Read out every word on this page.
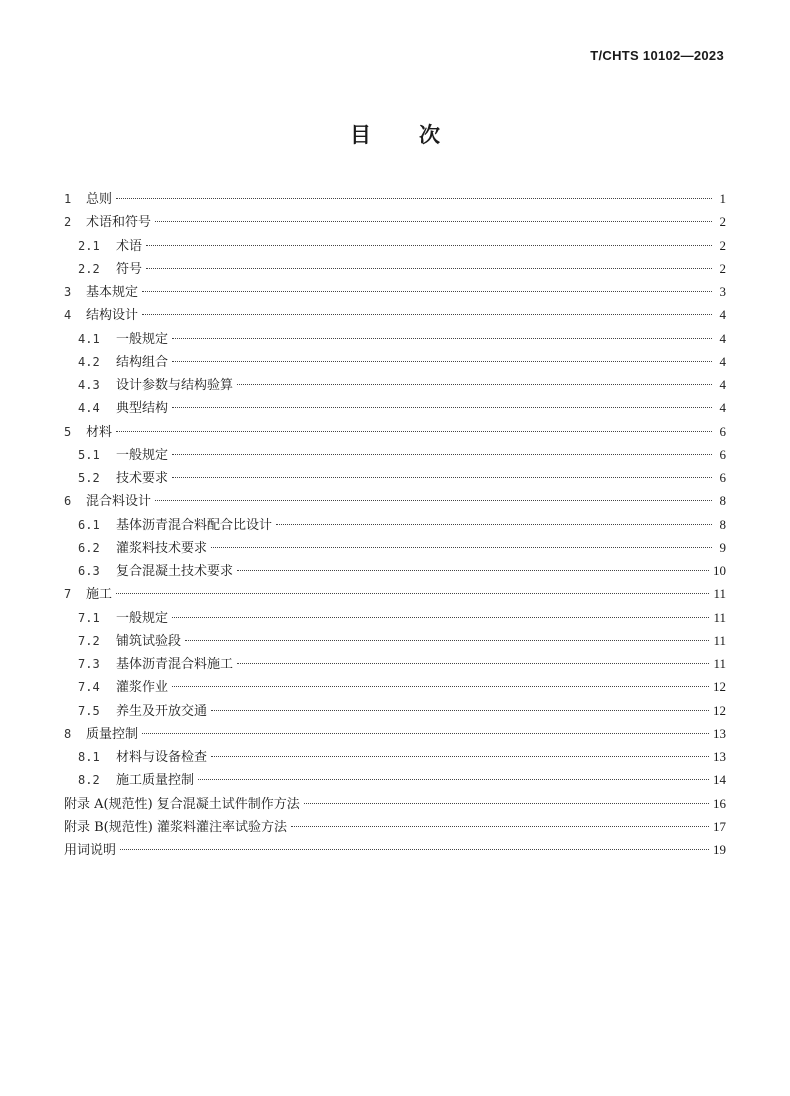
T/CHTS 10102—2023
目次
1	总则	1
2	术语和符号	2
2.1	术语	2
2.2	符号	2
3	基本规定	3
4	结构设计	4
4.1	一般规定	4
4.2	结构组合	4
4.3	设计参数与结构验算	4
4.4	典型结构	4
5	材料	6
5.1	一般规定	6
5.2	技术要求	6
6	混合料设计	8
6.1	基体沥青混合料配合比设计	8
6.2	灌浆料技术要求	9
6.3	复合混凝土技术要求	10
7	施工	11
7.1	一般规定	11
7.2	铺筑试验段	11
7.3	基体沥青混合料施工	11
7.4	灌浆作业	12
7.5	养生及开放交通	12
8	质量控制	13
8.1	材料与设备检查	13
8.2	施工质量控制	14
附录 A(规范性) 复合混凝土试件制作方法	16
附录 B(规范性) 灌浆料灌注率试验方法	17
用词说明	19
